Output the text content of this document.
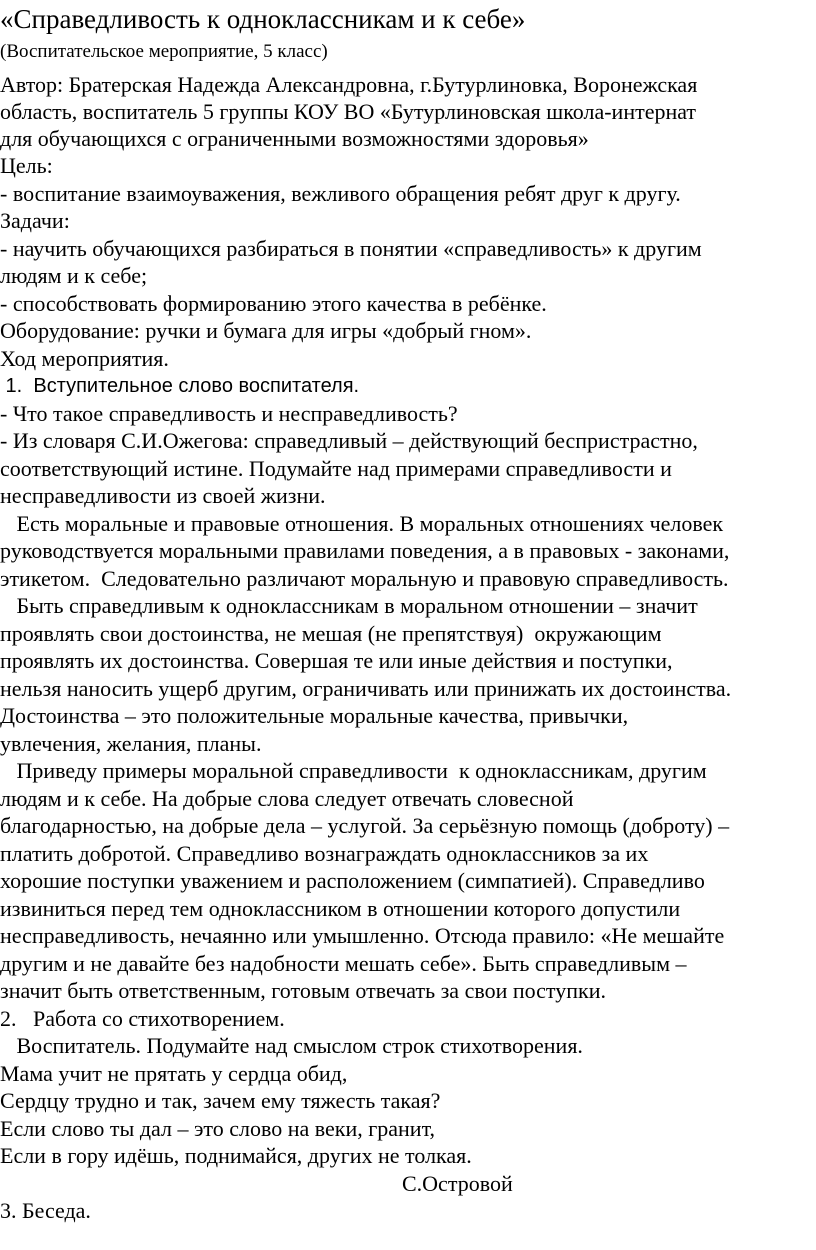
«Справедливость к одноклассникам и к себе»
(Воспитательское мероприятие, 5 класс)
Автор: Братерская Надежда Александровна, г.Бутурлиновка, Воронежская
область, воспитатель 5 группы КОУ ВО «Бутурлиновская школа-интернат
для обучающихся с ограниченными возможностями здоровья»
Цель:
- воспитание взаимоуважения, вежливого обращения ребят друг к другу.
Задачи:
- научить обучающихся разбираться в понятии «справедливость» к другим
людям и к себе;
- способствовать формированию этого качества в ребёнке.
Оборудование: ручки и бумага для игры «добрый гном».
Ход мероприятия.
1.  Вступительное слово воспитателя.
- Что такое справедливость и несправедливость?
- Из словаря С.И.Ожегова: справедливый – действующий беспристрастно,
соответствующий истине. Подумайте над примерами справедливости и
несправедливости из своей жизни.
Есть моральные и правовые отношения. В моральных отношениях человек
руководствуется моральными правилами поведения, а в правовых - законами,
этикетом.  Следовательно различают моральную и правовую справедливость.
Быть справедливым к одноклассникам в моральном отношении – значит
проявлять свои достоинства, не мешая (не препятствуя)  окружающим
проявлять их достоинства. Совершая те или иные действия и поступки,
нельзя наносить ущерб другим, ограничивать или принижать их достоинства.
Достоинства – это положительные моральные качества, привычки,
увлечения, желания, планы.
Приведу примеры моральной справедливости  к одноклассникам, другим
людям и к себе. На добрые слова следует отвечать словесной
благодарностью, на добрые дела – услугой. За серьёзную помощь (доброту) –
платить добротой. Справедливо вознаграждать одноклассников за их
хорошие поступки уважением и расположением (симпатией). Справедливо
извиниться перед тем одноклассником в отношении которого допустили
несправедливость, нечаянно или умышленно. Отсюда правило: «Не мешайте
другим и не давайте без надобности мешать себе». Быть справедливым –
значит быть ответственным, готовым отвечать за свои поступки.
2.   Работа со стихотворением.
Воспитатель. Подумайте над смыслом строк стихотворения.
Мама учит не прятать у сердца обид,
Сердцу трудно и так, зачем ему тяжесть такая?
Если слово ты дал – это слово на веки, гранит,
Если в гору идёшь, поднимайся, других не толкая.
С.Островой
3. Беседа.
